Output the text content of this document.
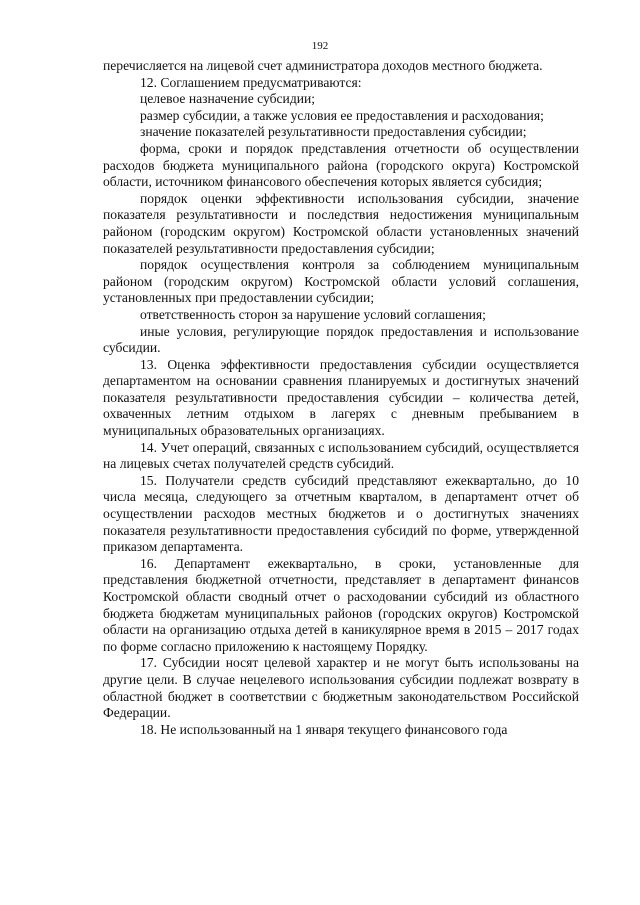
192

перечисляется на лицевой счет администратора доходов местного бюджета.

12. Соглашением предусматриваются:

целевое назначение субсидии;

размер субсидии, а также условия ее предоставления и расходования;

значение показателей результативности предоставления субсидии;

форма, сроки и порядок представления отчетности об осуществлении расходов бюджета муниципального района (городского округа) Костромской области, источником финансового обеспечения которых является субсидия;

порядок оценки эффективности использования субсидии, значение показателя результативности и последствия недостижения муниципальным районом (городским округом) Костромской области установленных значений показателей результативности предоставления субсидии;

порядок осуществления контроля за соблюдением муниципальным районом (городским округом) Костромской области условий соглашения, установленных при предоставлении субсидии;

ответственность сторон за нарушение условий соглашения;

иные условия, регулирующие порядок предоставления и использование субсидии.

13. Оценка эффективности предоставления субсидии осуществляется департаментом на основании сравнения планируемых и достигнутых значений показателя результативности предоставления субсидии – количества детей, охваченных летним отдыхом в лагерях с дневным пребыванием в муниципальных образовательных организациях.

14. Учет операций, связанных с использованием субсидий, осуществляется на лицевых счетах получателей средств субсидий.

15. Получатели средств субсидий представляют ежеквартально, до 10 числа месяца, следующего за отчетным кварталом, в департамент отчет об осуществлении расходов местных бюджетов и о достигнутых значениях показателя результативности предоставления субсидий по форме, утвержденной приказом департамента.

16. Департамент ежеквартально, в сроки, установленные для представления бюджетной отчетности, представляет в департамент финансов Костромской области сводный отчет о расходовании субсидий из областного бюджета бюджетам муниципальных районов (городских округов) Костромской области на организацию отдыха детей в каникулярное время в 2015 – 2017 годах по форме согласно приложению к настоящему Порядку.

17. Субсидии носят целевой характер и не могут быть использованы на другие цели. В случае нецелевого использования субсидии подлежат возврату в областной бюджет в соответствии с бюджетным законодательством Российской Федерации.

18. Не использованный на 1 января текущего финансового года
